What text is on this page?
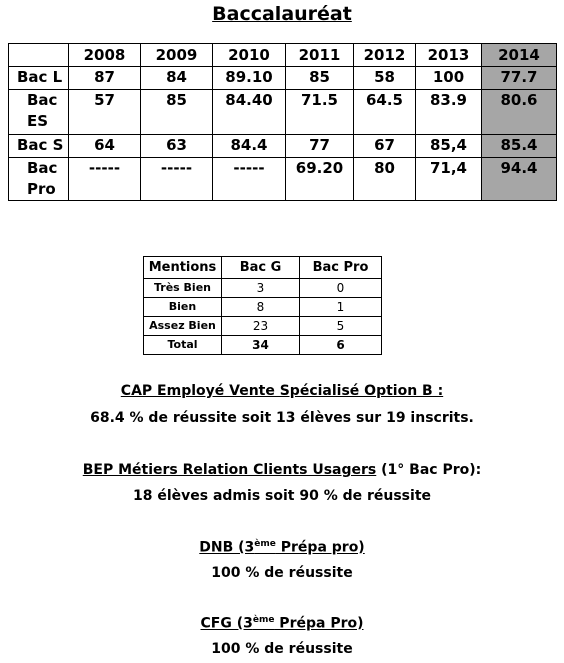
Baccalauréat
	2008	2009	2010	2011	2012	2013	2014
Bac L	87	84	89.10	85	58	100	77.7

Bac
ES	57	85	84.40	71.5	64.5	83.9	80.6
Bac S	64	63	84.4	77	67	85,4	85.4

Bac
Pro	-----	-----	-----	69.20	80	71,4	94.4
Mentions	Bac G	Bac Pro
Très Bien	3	0
Bien	8	1
Assez Bien	23	5
Total	34	6
CAP Employé Vente Spécialisé Option B :
68.4 % de réussite soit 13 élèves sur 19 inscrits.
BEP Métiers Relation Clients Usagers (1° Bac Pro):
18 élèves admis soit 90 % de réussite
DNB (3ème Prépa pro)
100 % de réussite
CFG (3ème Prépa Pro)
100 % de réussite
